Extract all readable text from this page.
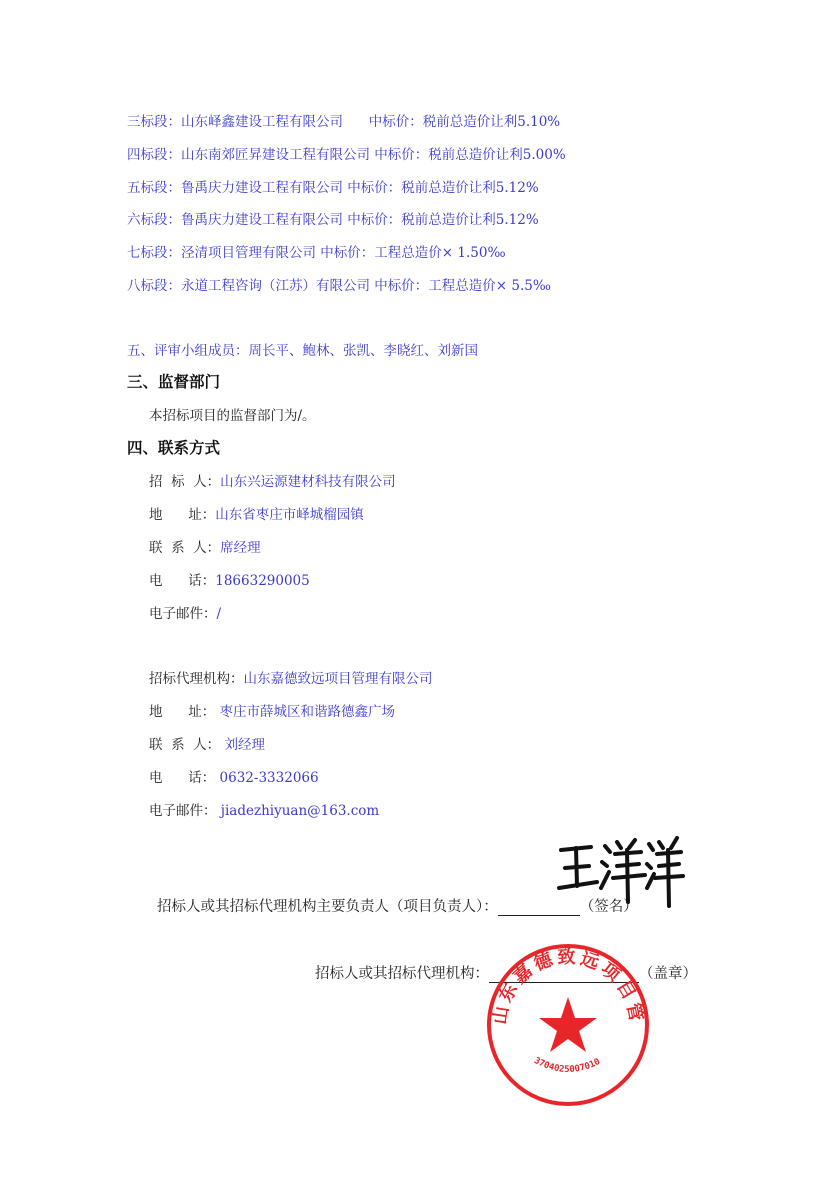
三标段：山东峄鑫建设工程有限公司 中标价：税前总造价让利5.10%
四标段：山东南郊匠昇建设工程有限公司 中标价：税前总造价让利5.00%
五标段：鲁禹庆力建设工程有限公司 中标价：税前总造价让利5.12%
六标段：鲁禹庆力建设工程有限公司 中标价：税前总造价让利5.12%
七标段：泾清项目管理有限公司 中标价：工程总造价× 1.50‰
八标段：永道工程咨询（江苏）有限公司 中标价：工程总造价× 5.5‰
五、评审小组成员：周长平、鲍林、张凯、李晓红、刘新国
三、监督部门
本招标项目的监督部门为/。
四、联系方式
招  标  人：山东兴运源建材科技有限公司
地      址：山东省枣庄市峄城榴园镇
联  系  人：席经理
电      话：18663290005
电子邮件：/
招标代理机构：山东嘉德致远项目管理有限公司
地      址： 枣庄市薛城区和谐路德鑫广场
联  系  人： 刘经理
电      话： 0632-3332066
电子邮件： jiadezhiyuan@163.com
招标人或其招标代理机构主要负责人（项目负责人）：	（签名）
招标人或其招标代理机构：	（盖章）
山东嘉德致远项目管理有限公司
3704025007010
